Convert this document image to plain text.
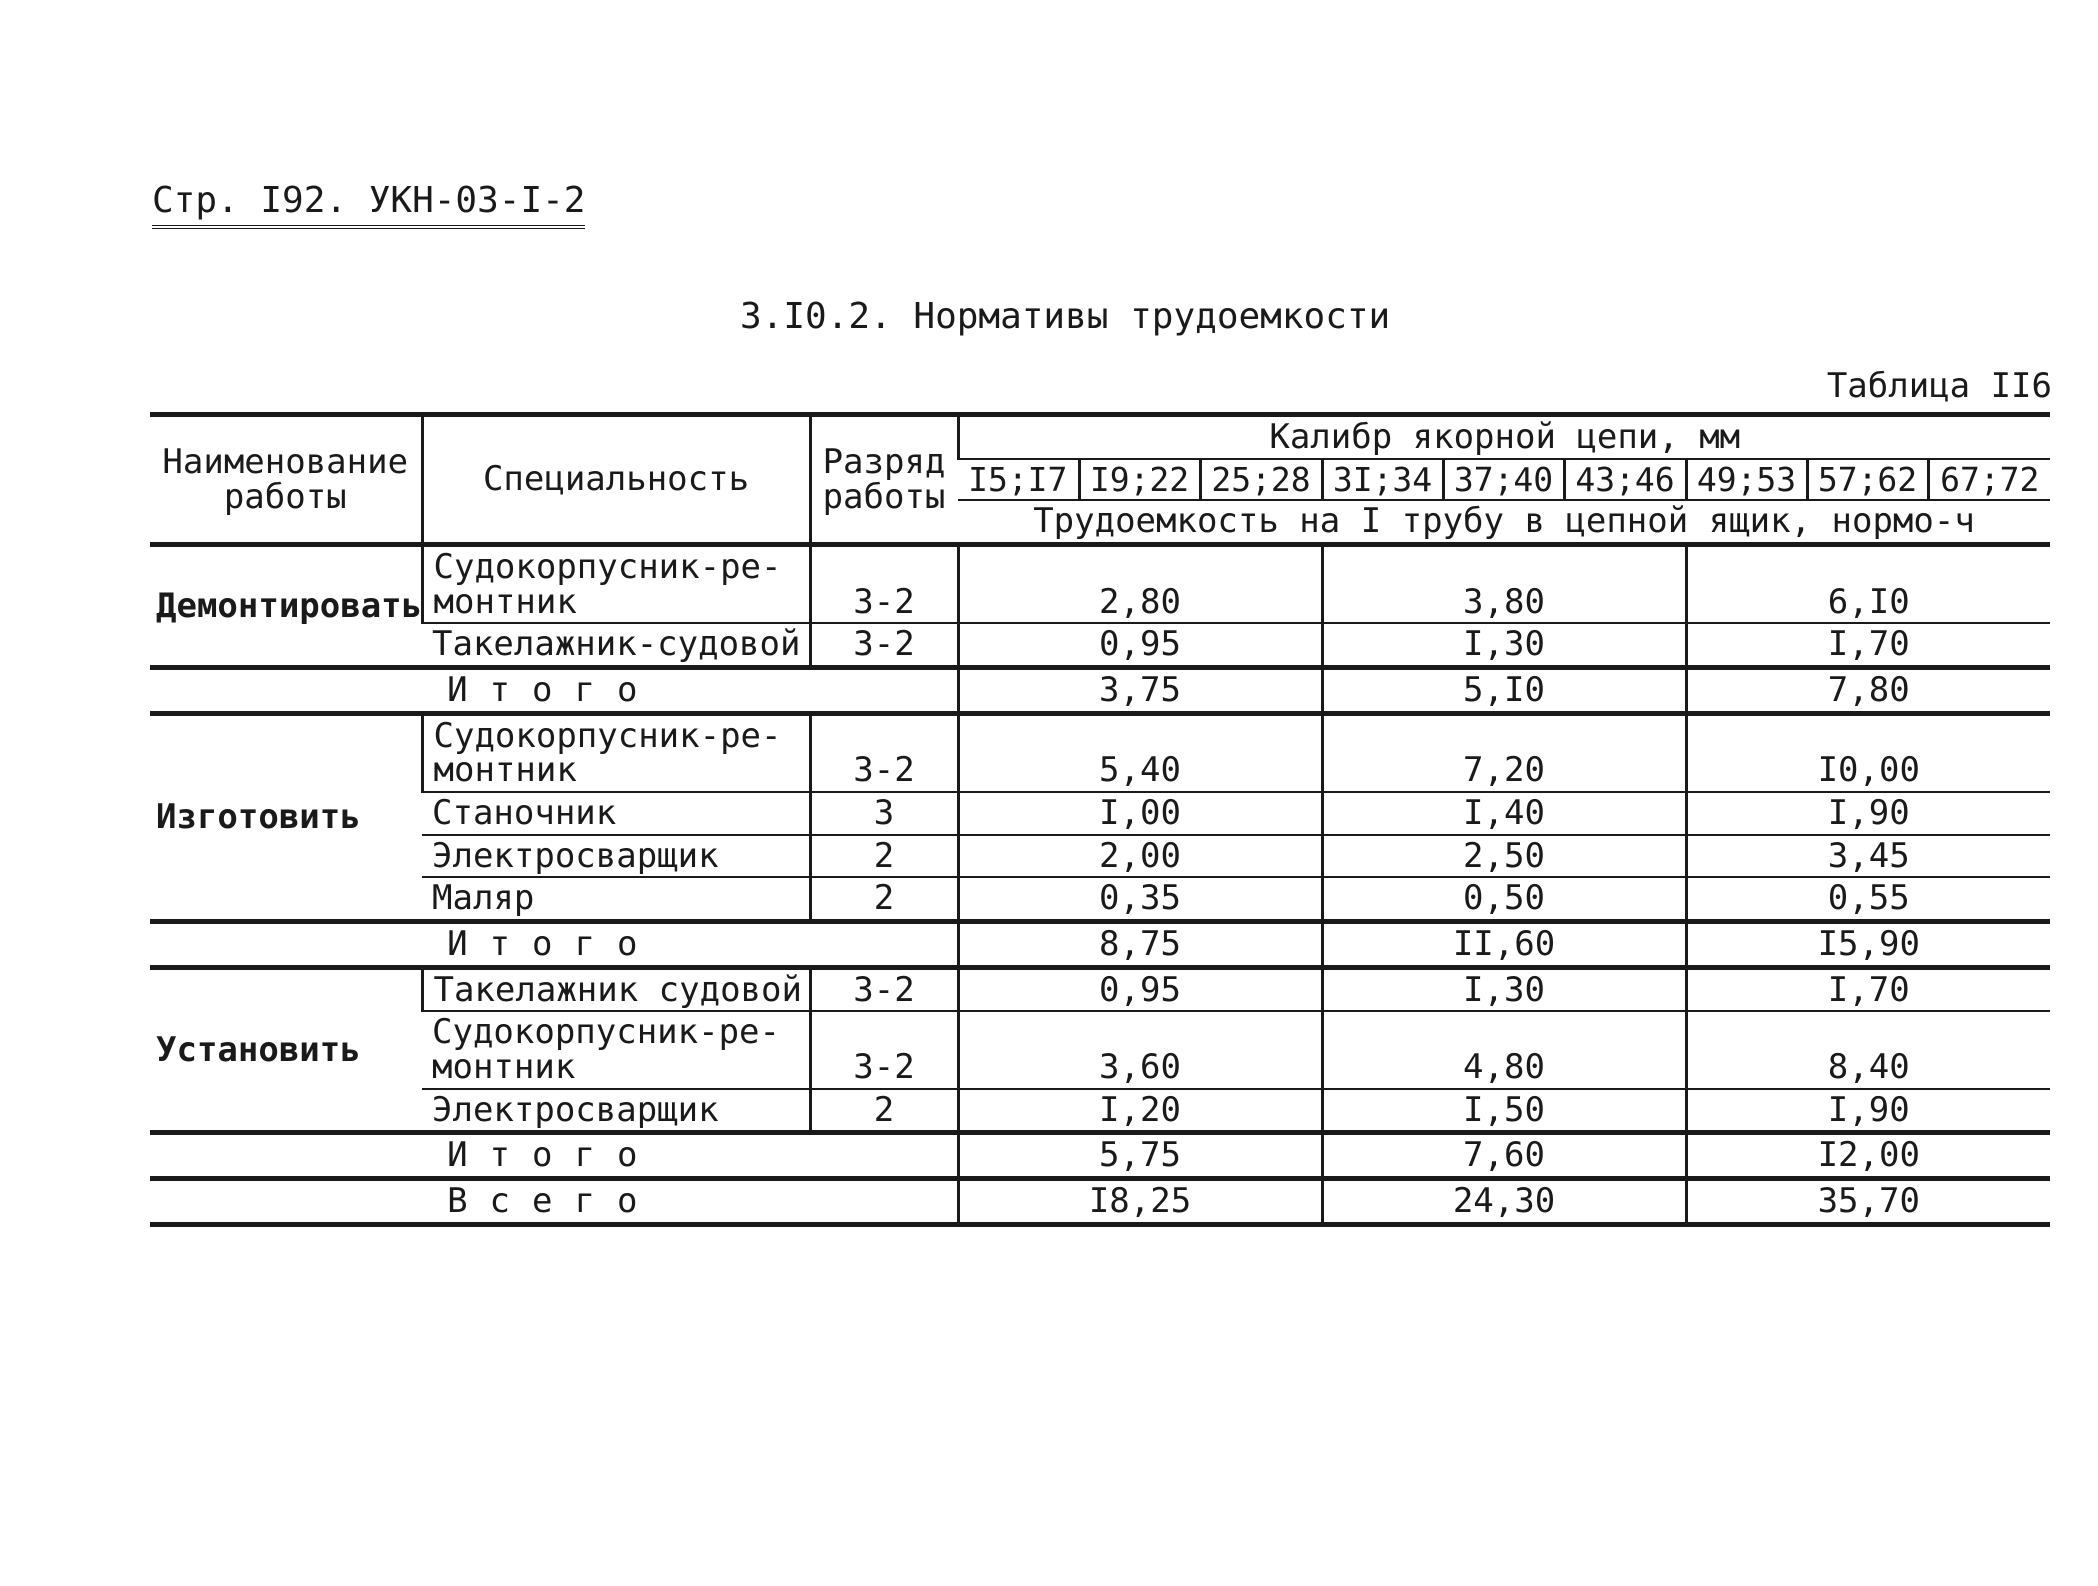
Стр. I92. УКН-03-I-2
3.I0.2. Нормативы трудоемкости
Таблица II6
Наименование работы	Специальность	Разряд работы	Калибр якорной цепи, мм								
			I5;I7	I9;22	25;28	3I;34	37;40	43;46	49;53	57;62	67;72
			Трудоемкость на I трубу в цепной ящик, нормо-ч								
Демонтировать	Судокорпусник-ре-монтник	3-2	2,80			3,80			6,I0		
	Такелажник-судовой	3-2	0,95			I,30			I,70		
Итого			3,75			5,I0			7,80		
Изготовить	Судокорпусник-ре-монтник	3-2	5,40			7,20			I0,00		
	Станочник	3	I,00			I,40			I,90		
	Электросварщик	2	2,00			2,50			3,45		
	Маляр	2	0,35			0,50			0,55		
Итого			8,75			II,60			I5,90		
Установить	Такелажник судовой	3-2	0,95			I,30			I,70		
	Судокорпусник-ре-монтник	3-2	3,60			4,80			8,40		
	Электросварщик	2	I,20			I,50			I,90		
Итого			5,75			7,60			I2,00		
Всего			I8,25			24,30			35,70		
